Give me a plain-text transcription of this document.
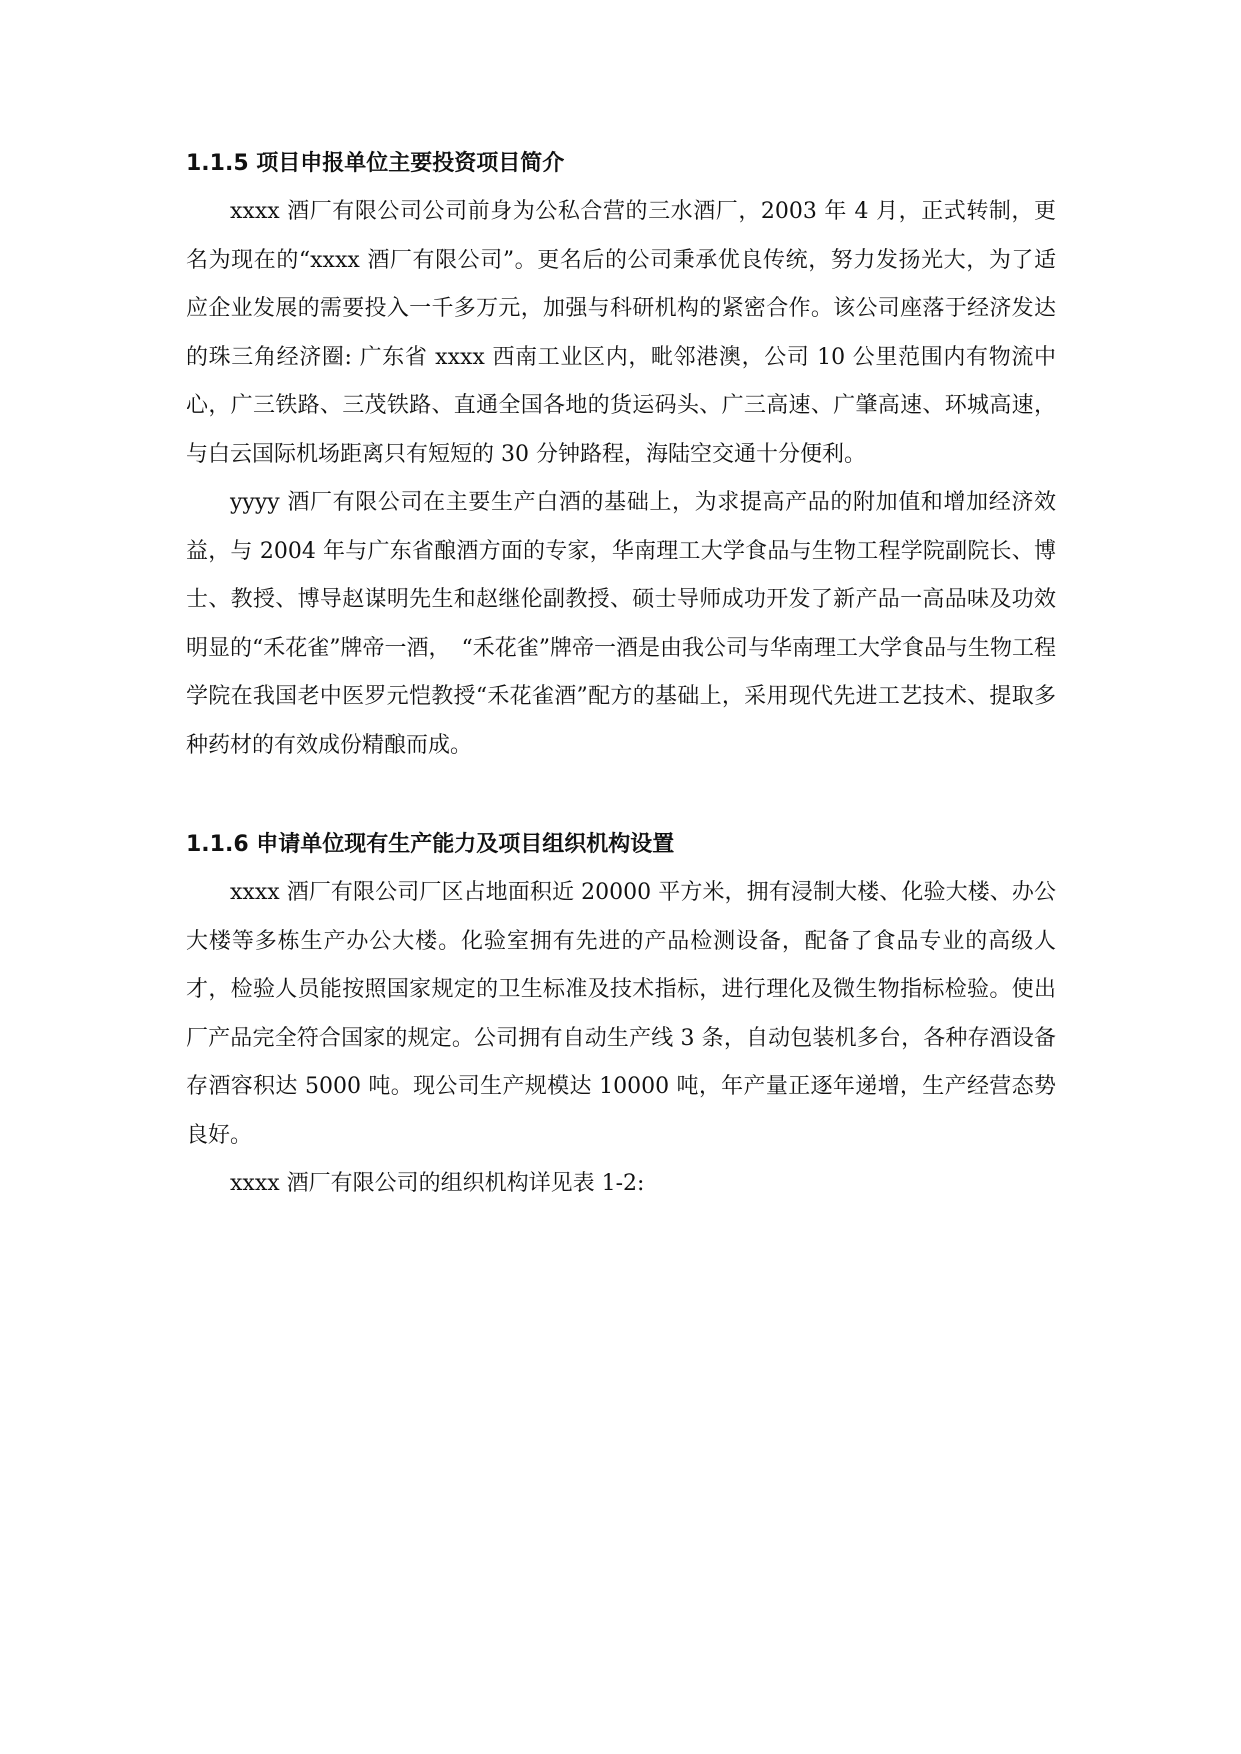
1.1.5 项目申报单位主要投资项目简介

xxxx 酒厂有限公司公司前身为公私合营的三水酒厂，2003 年 4 月，正式转制，更名为现在的“xxxx 酒厂有限公司”。更名后的公司秉承优良传统，努力发扬光大，为了适应企业发展的需要投入一千多万元，加强与科研机构的紧密合作。该公司座落于经济发达的珠三角经济圈: 广东省 xxxx 西南工业区内，毗邻港澳，公司 10 公里范围内有物流中心，广三铁路、三茂铁路、直通全国各地的货运码头、广三高速、广肇高速、环城高速，与白云国际机场距离只有短短的 30 分钟路程，海陆空交通十分便利。

yyyy 酒厂有限公司在主要生产白酒的基础上，为求提高产品的附加值和增加经济效益，与 2004 年与广东省酿酒方面的专家，华南理工大学食品与生物工程学院副院长、博士、教授、博导赵谋明先生和赵继伦副教授、硕士导师成功开发了新产品一高品味及功效明显的“禾花雀”牌帝一酒，　“禾花雀”牌帝一酒是由我公司与华南理工大学食品与生物工程学院在我国老中医罗元恺教授“禾花雀酒”配方的基础上，采用现代先进工艺技术、提取多种药材的有效成份精酿而成。

1.1.6 申请单位现有生产能力及项目组织机构设置

xxxx 酒厂有限公司厂区占地面积近 20000 平方米，拥有浸制大楼、化验大楼、办公大楼等多栋生产办公大楼。化验室拥有先进的产品检测设备，配备了食品专业的高级人才，检验人员能按照国家规定的卫生标准及技术指标，进行理化及微生物指标检验。使出厂产品完全符合国家的规定。公司拥有自动生产线 3 条，自动包装机多台，各种存酒设备存酒容积达 5000 吨。现公司生产规模达 10000 吨，年产量正逐年递增，生产经营态势良好。

xxxx 酒厂有限公司的组织机构详见表 1-2:
